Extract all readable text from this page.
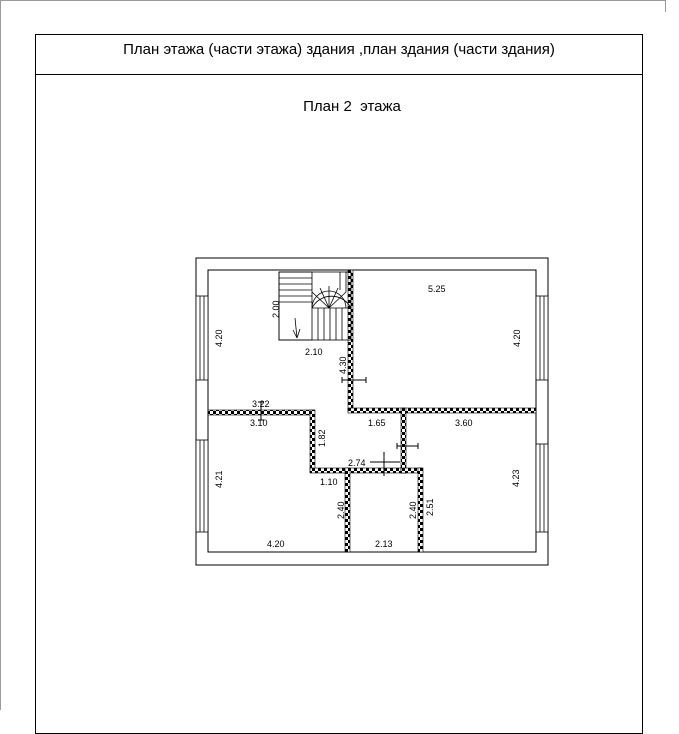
План этажа (части этажа) здания ,план здания (части здания)
План 2  этажа
2.00
4.20
2.10
4.30
5.25
4.20
3.22
3.10
1.82
1.65	3.60
2.74
1.10
4.21	4.23
2.40	2.40 2.51
4.20	2.13
